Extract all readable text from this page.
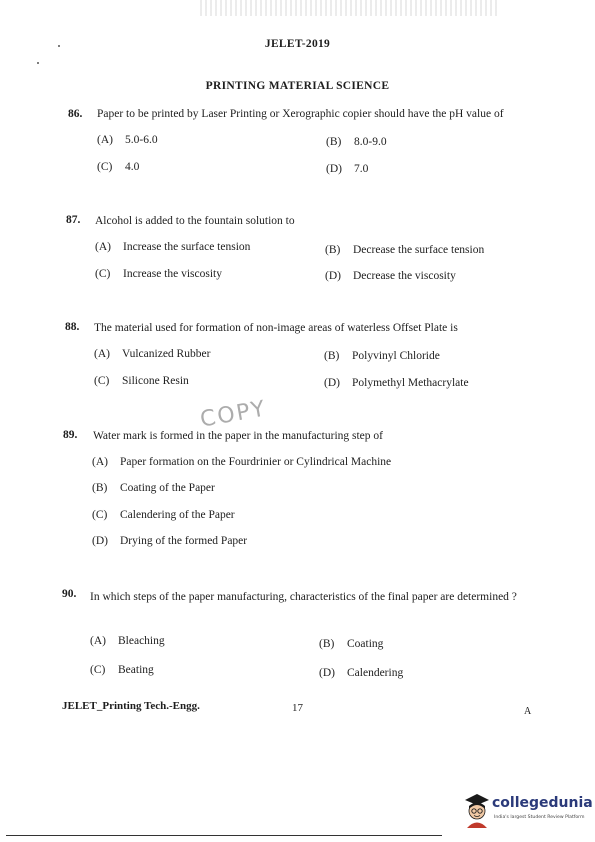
JELET-2019
PRINTING MATERIAL SCIENCE
86. Paper to be printed by Laser Printing or Xerographic copier should have the pH value of
(A) 5.0-6.0	(B) 8.0-9.0
(C) 4.0	(D) 7.0
87. Alcohol is added to the fountain solution to
(A) Increase the surface tension	(B) Decrease the surface tension
(C) Increase the viscosity	(D) Decrease the viscosity
88. The material used for formation of non-image areas of waterless Offset Plate is
(A) Vulcanized Rubber	(B) Polyvinyl Chloride
(C) Silicone Resin	(D) Polymethyl Methacrylate
89. Water mark is formed in the paper in the manufacturing step of
(A) Paper formation on the Fourdrinier or Cylindrical Machine
(B) Coating of the Paper
(C) Calendering of the Paper
(D) Drying of the formed Paper
COPY
90. In which steps of the paper manufacturing, characteristics of the final paper are determined ?
(A) Bleaching	(B) Coating
(C) Beating	(D) Calendering
JELET_Printing Tech.-Engg.	17	A
collegedunia
India's largest Student Review Platform
